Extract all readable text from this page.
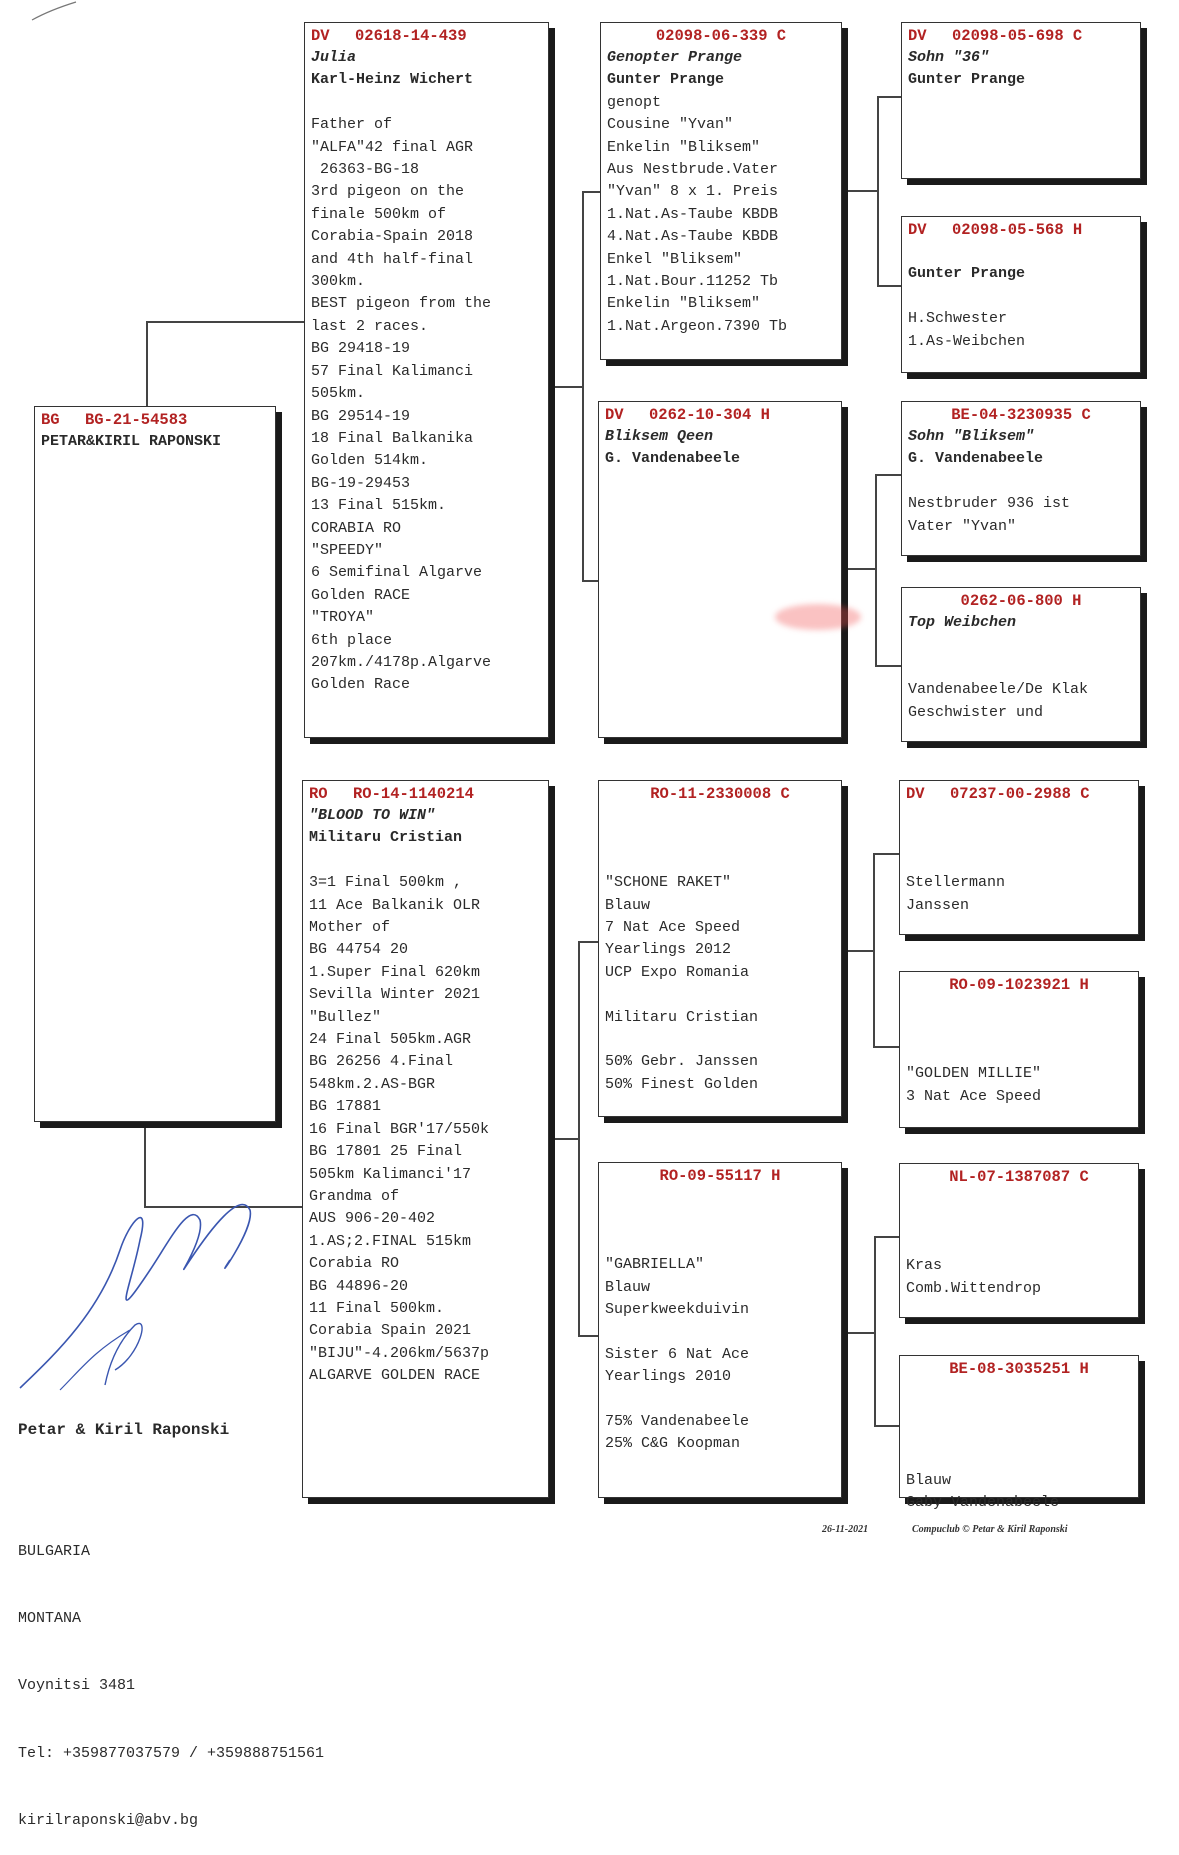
BG BG-21-54583
PETAR&KIRIL RAPONSKI
DV 02618-14-439
Julia
Karl-Heinz Wichert

Father of
"ALFA"42 final AGR
26363-BG-18
3rd pigeon on the
finale 500km of
Corabia-Spain 2018
and 4th half-final
300km.
BEST pigeon from the
last 2 races.
BG 29418-19
57 Final Kalimanci
505km.
BG 29514-19
18 Final Balkanika
Golden 514km.
BG-19-29453
13 Final 515km.
CORABIA RO
"SPEEDY"
6 Semifinal Algarve
Golden RACE
"TROYA"
6th place
207km./4178p.Algarve
Golden Race
RO RO-14-1140214
"BLOOD TO WIN"
Militaru Cristian

3=1 Final 500km ,
11 Ace Balkanik OLR
Mother of
BG 44754 20
1.Super Final 620km
Sevilla Winter 2021
"Bullez"
24 Final 505km.AGR
BG 26256 4.Final
548km.2.AS-BGR
BG 17881
16 Final BGR'17/550k
BG 17801 25 Final
505km Kalimanci'17
Grandma of
AUS 906-20-402
1.AS;2.FINAL 515km
Corabia RO
BG 44896-20
11 Final 500km.
Corabia Spain 2021
"BIJU"-4.206km/5637p
ALGARVE GOLDEN RACE
02098-06-339 C
Genopter Prange
Gunter Prange
genopt
Cousine "Yvan"
Enkelin "Bliksem"
Aus Nestbrude.Vater
"Yvan" 8 x 1. Preis
1.Nat.As-Taube KBDB
4.Nat.As-Taube KBDB
Enkel "Bliksem"
1.Nat.Bour.11252 Tb
Enkelin "Bliksem"
1.Nat.Argeon.7390 Tb
DV 0262-10-304 H
Bliksem Qeen
G. Vandenabeele
RO-11-2330008 C

"SCHONE RAKET"
Blauw
7 Nat Ace Speed
Yearlings 2012
UCP Expo Romania

Militaru Cristian

50% Gebr. Janssen
50% Finest Golden
RO-09-55117 H

"GABRIELLA"
Blauw
Superkweekduivin

Sister 6 Nat Ace
Yearlings 2010

75% Vandenabeele
25% C&G Koopman
DV 02098-05-698 C
Sohn "36"
Gunter Prange
DV 02098-05-568 H

Gunter Prange

H.Schwester
1.As-Weibchen
BE-04-3230935 C
Sohn "Bliksem"
G. Vandenabeele

Nestbruder 936 ist
Vater "Yvan"
0262-06-800 H
Top Weibchen

Vandenabeele/De Klak
Geschwister und
DV 07237-00-2988 C

Stellermann
Janssen
RO-09-1023921 H

"GOLDEN MILLIE"
3 Nat Ace Speed
NL-07-1387087 C

Kras
Comb.Wittendrop
BE-08-3035251 H

Blauw
Gaby Vandenabeele

Petar & Kiril Raponski

BULGARIA

MONTANA

Voynitsi 3481

Tel: +359877037579 / +359888751561

kirilraponski@abv.bg

26-11-2021	Compuclub © Petar & Kiril Raponski
